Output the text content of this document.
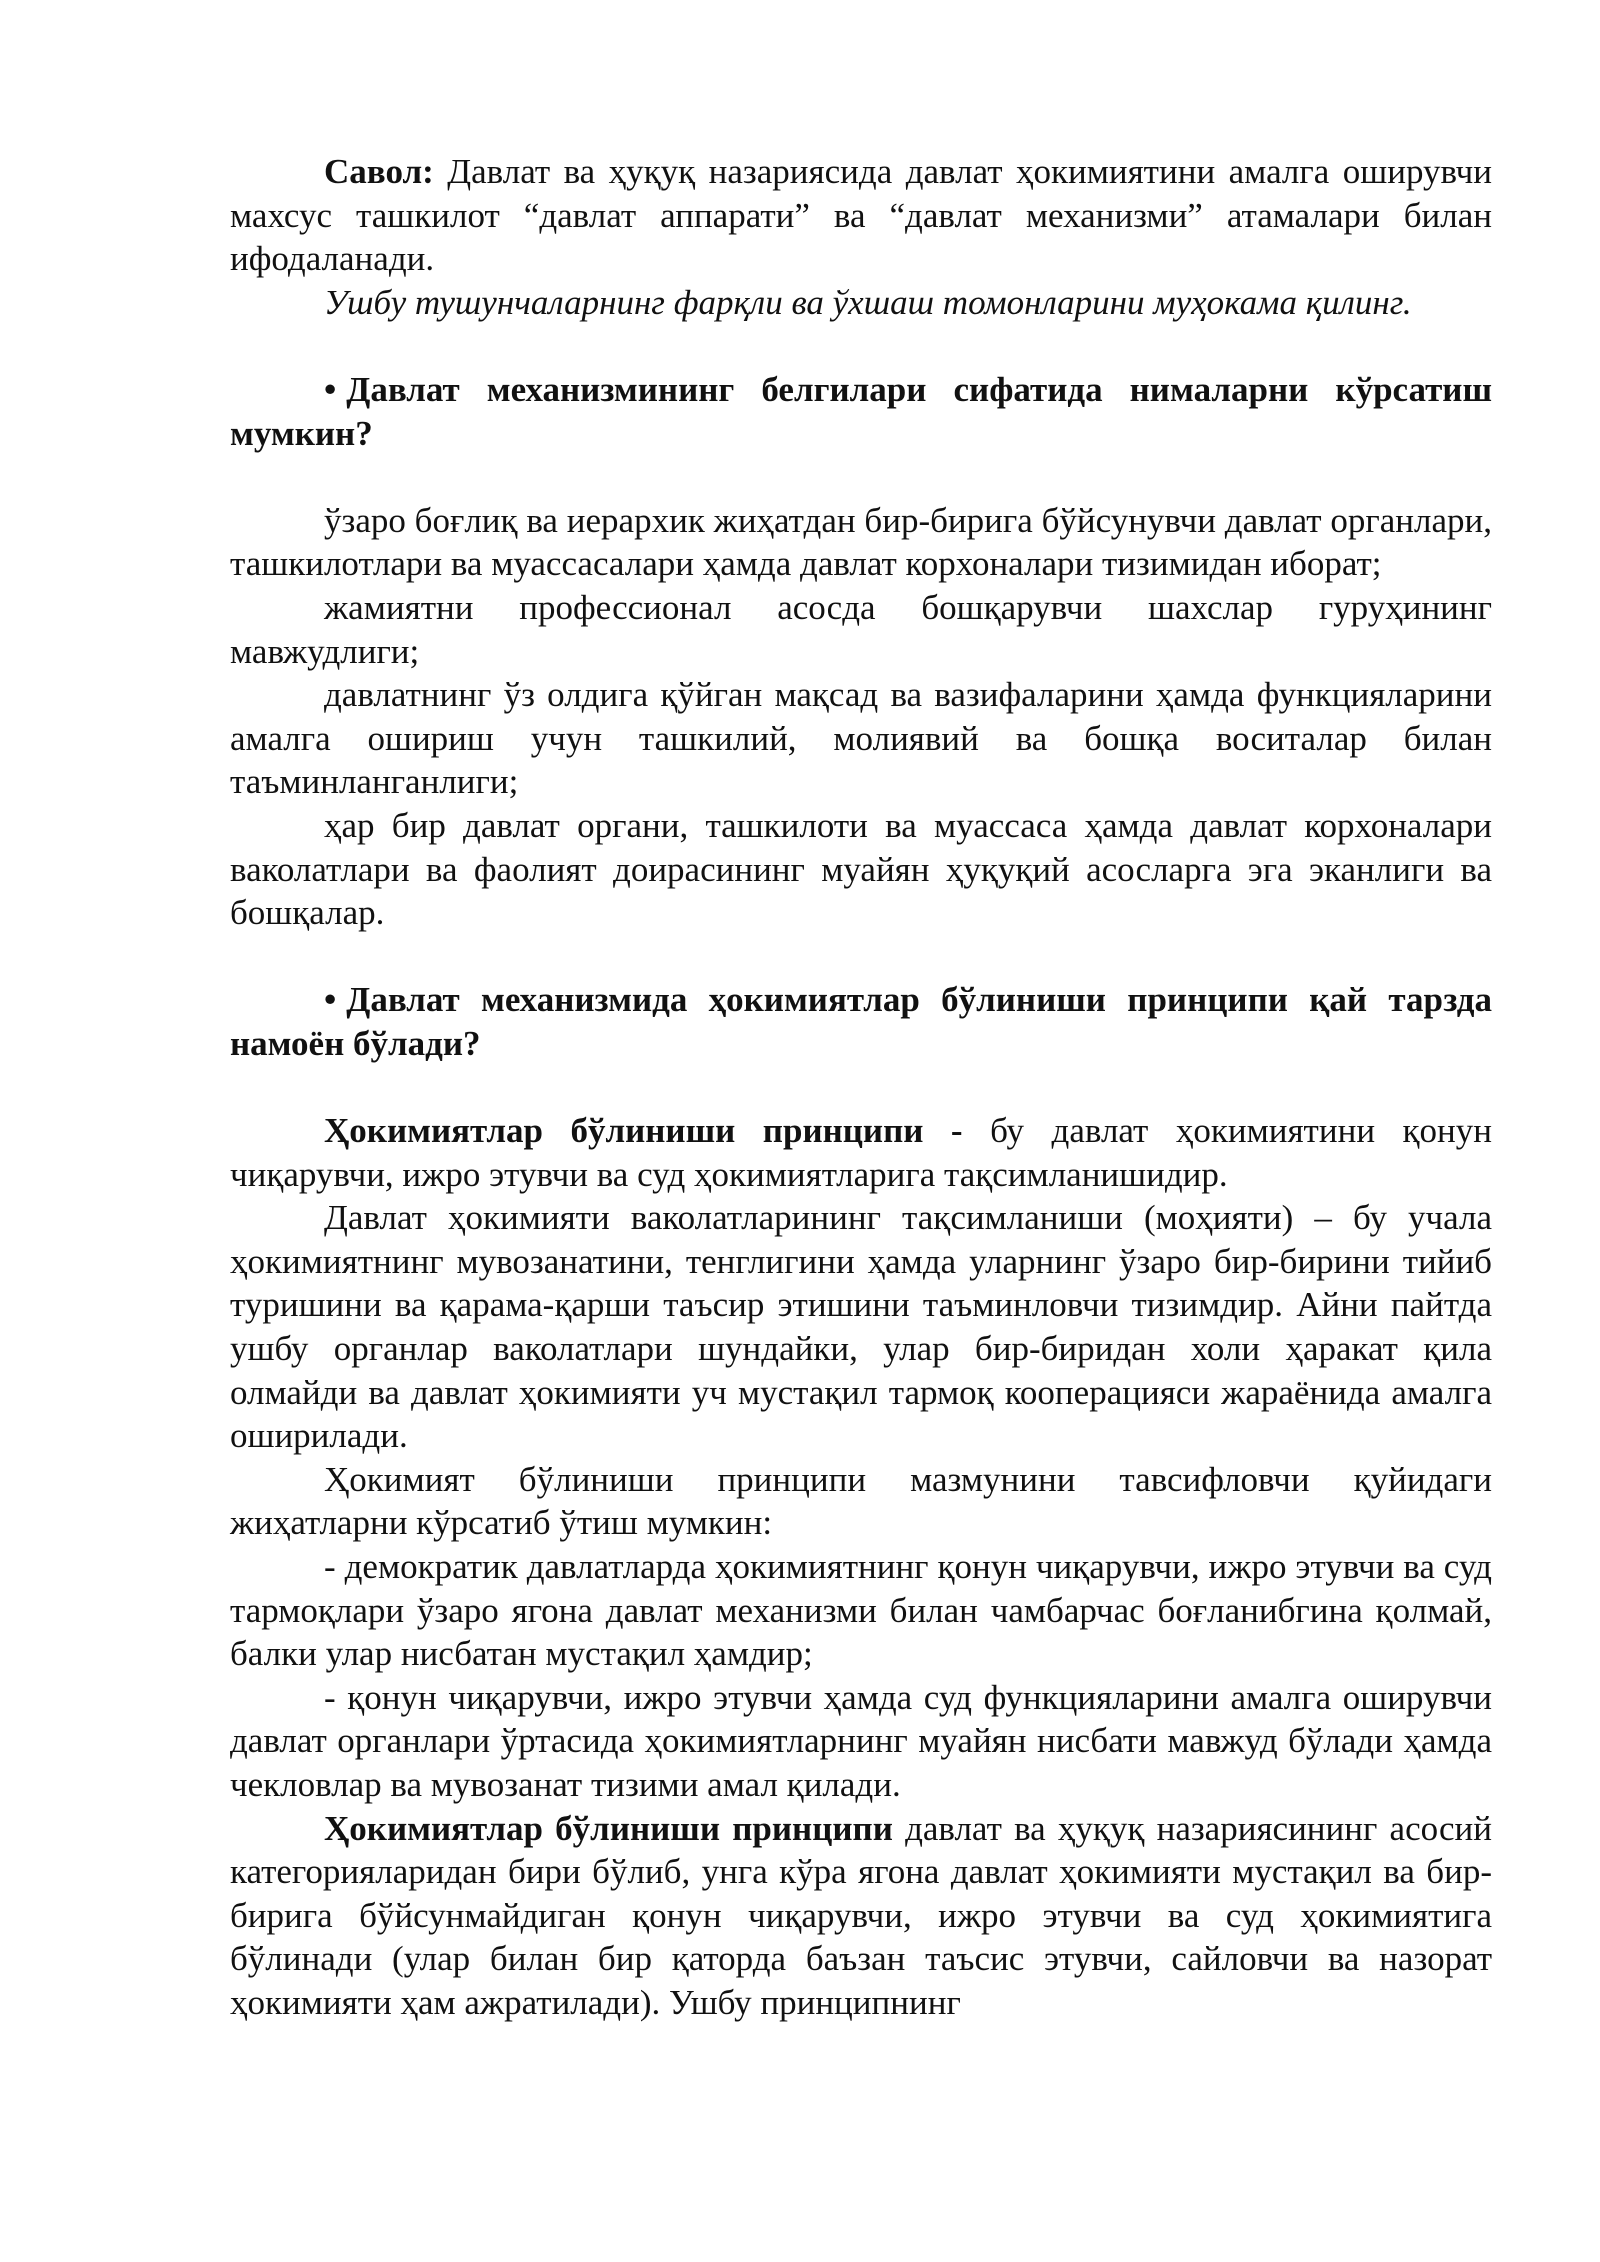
Савол: Давлат ва ҳуқуқ назариясида давлат ҳокимиятини амалга оширувчи махсус ташкилот “давлат аппарати” ва “давлат механизми” атамалари билан ифодаланади.

Ушбу тушунчаларнинг фарқли ва ўхшаш томонларини муҳокама қилинг.

• Давлат механизмининг белгилари сифатида нималарни кўрсатиш мумкин?

ўзаро боғлиқ ва иерархик жиҳатдан бир-бирига бўйсунувчи давлат органлари, ташкилотлари ва муассасалари ҳамда давлат корхоналари тизимидан иборат;

жамиятни профессионал асосда бошқарувчи шахслар гуруҳининг мавжудлиги;

давлатнинг ўз олдига қўйган мақсад ва вазифаларини ҳамда функцияларини амалга ошириш учун ташкилий, молиявий ва бошқа воситалар билан таъминланганлиги;

ҳар бир давлат органи, ташкилоти ва муассаса ҳамда давлат корхоналари ваколатлари ва фаолият доирасининг муайян ҳуқуқий асосларга эга эканлиги ва бошқалар.

• Давлат механизмида ҳокимиятлар бўлиниши принципи қай тарзда намоён бўлади?

Ҳокимиятлар бўлиниши принципи - бу давлат ҳокимиятини қонун чиқарувчи, ижро этувчи ва суд ҳокимиятларига тақсимланишидир.

Давлат ҳокимияти ваколатларининг тақсимланиши (моҳияти) – бу учала ҳокимиятнинг мувозанатини, тенглигини ҳамда уларнинг ўзаро бир-бирини тийиб туришини ва қарама-қарши таъсир этишини таъминловчи тизимдир. Айни пайтда ушбу органлар ваколатлари шундайки, улар бир-биридан холи ҳаракат қила олмайди ва давлат ҳокимияти уч мустақил тармоқ кооперацияси жараёнида амалга оширилади.

Ҳокимият бўлиниши принципи мазмунини тавсифловчи қуйидаги жиҳатларни кўрсатиб ўтиш мумкин:

- демократик давлатларда ҳокимиятнинг қонун чиқарувчи, ижро этувчи ва суд тармоқлари ўзаро ягона давлат механизми билан чамбарчас боғланибгина қолмай, балки улар нисбатан мустақил ҳамдир;

- қонун чиқарувчи, ижро этувчи ҳамда суд функцияларини амалга оширувчи давлат органлари ўртасида ҳокимиятларнинг муайян нисбати мавжуд бўлади ҳамда чекловлар ва мувозанат тизими амал қилади.

Ҳокимиятлар бўлиниши принципи давлат ва ҳуқуқ назариясининг асосий категорияларидан бири бўлиб, унга кўра ягона давлат ҳокимияти мустақил ва бир-бирига бўйсунмайдиган қонун чиқарувчи, ижро этувчи ва суд ҳокимиятига бўлинади (улар билан бир қаторда баъзан таъсис этувчи, сайловчи ва назорат ҳокимияти ҳам ажратилади). Ушбу принципнинг
